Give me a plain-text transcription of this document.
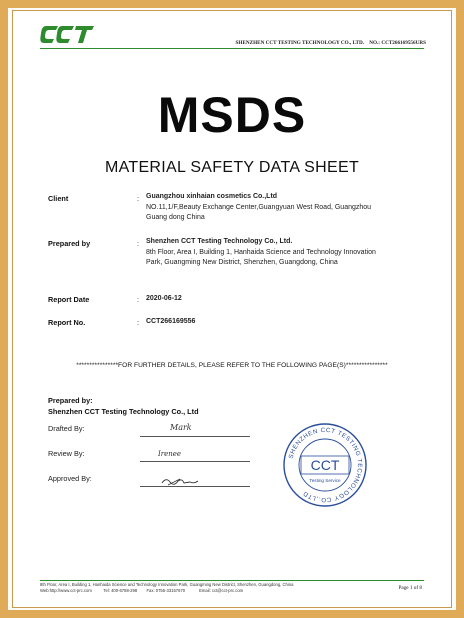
SHENZHEN CCT TESTING TECHNOLOGY CO., LTD. NO.: CCT266169556URS
MSDS
MATERIAL SAFETY DATA SHEET
Client	: Guangzhou xinhaian cosmetics Co.,Ltd
NO.11,1/F,Beauty Exchange Center,Guangyuan West Road, Guangzhou
Guang dong China
Prepared by	: Shenzhen CCT Testing Technology Co., Ltd.
8th Floor, Area I, Building 1, Hanhaida Science and Technology Innovation
Park, Guangming New District, Shenzhen, Guangdong, China
Report Date	: 2020-06-12
Report No.	: CCT266169556
****************FOR FURTHER DETAILS, PLEASE REFER TO THE FOLLOWING PAGE(S)****************
Prepared by:
Shenzhen CCT Testing Technology Co., Ltd
Drafted By:	Mark
Review By:	Irenee
Approved By:
SHENZHEN CCT TESTING TECHNOLOGY CO.,LTD
CCT
Testing Service
8th Floor, Area I, Building 1, Hanhaida Science and Technology Innovation Park, Guangming New District, Shenzhen, Guangdong, China
Web:http://www.cct-prc.com	Tel: 400-6788-298 Fax: 0755-33157670	Email: cct@cct-prc.com	Page 1 of 8
